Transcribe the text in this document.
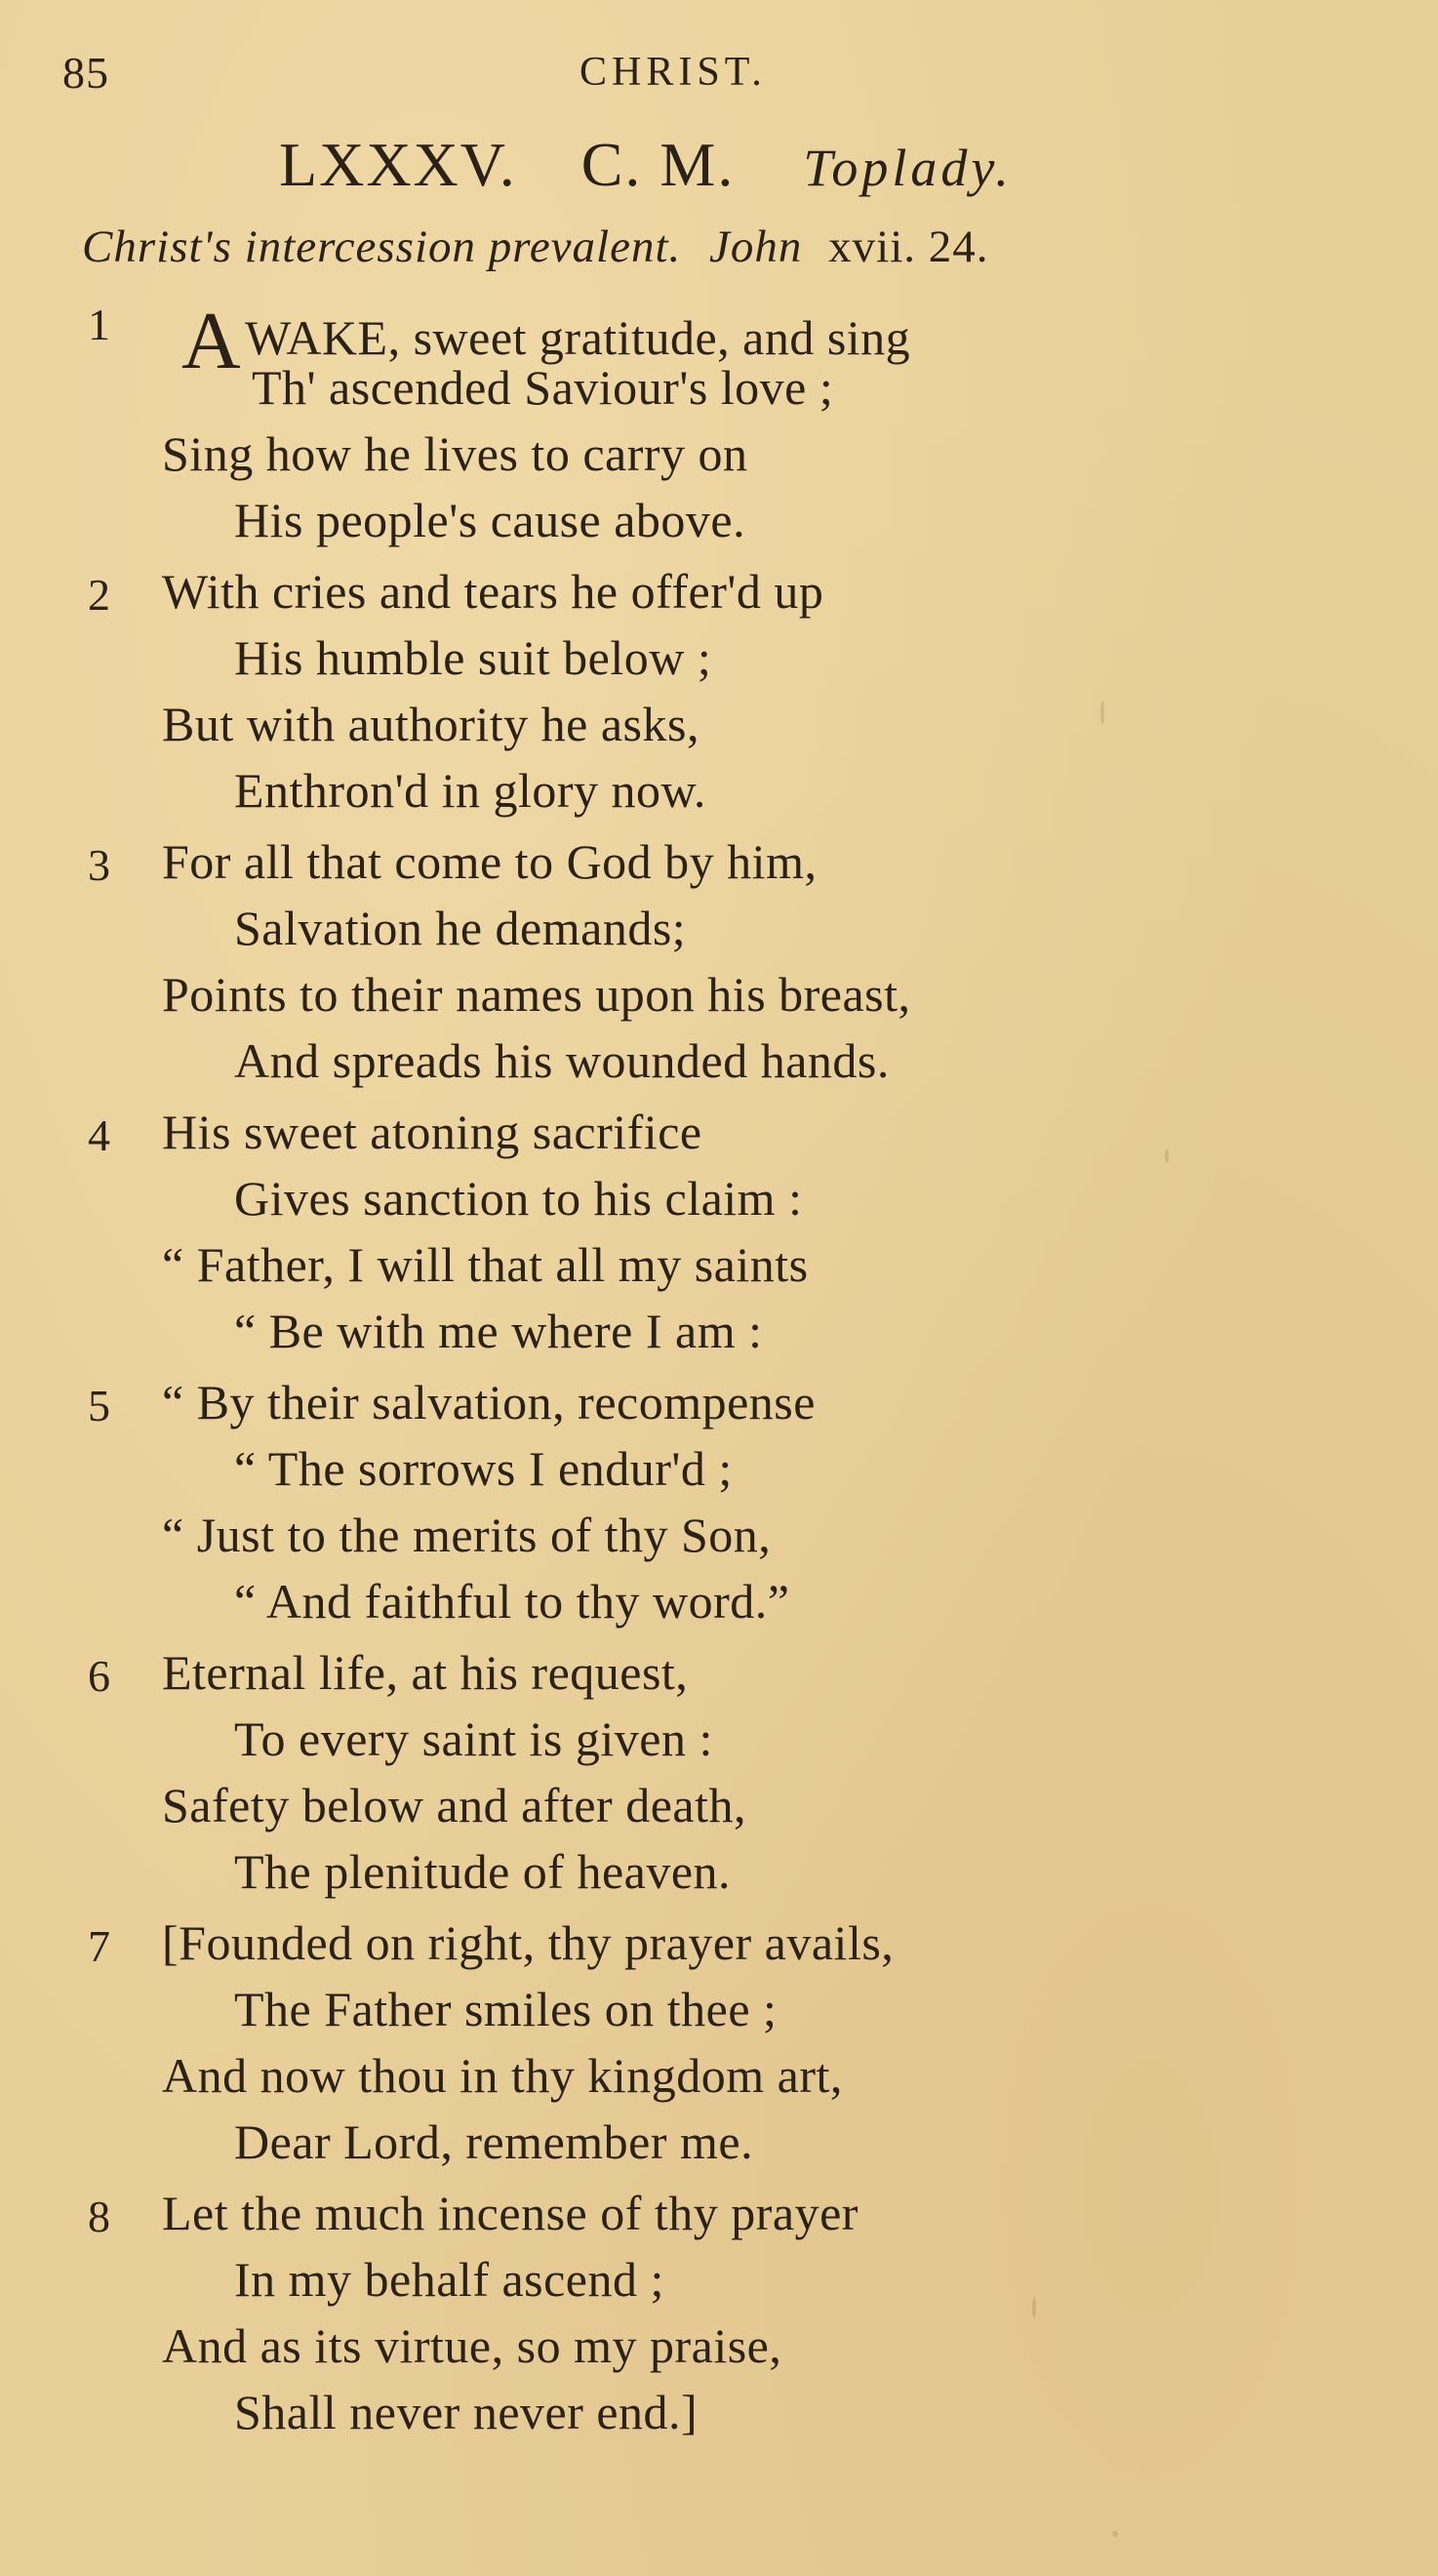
85	CHRIST.
LXXXV. C. M. Toplady.
Christ's intercession prevalent. John xvii. 24.
1 AWAKE, sweet gratitude, and sing
Th' ascended Saviour's love ;
Sing how he lives to carry on
His people's cause above.
2 With cries and tears he offer'd up
His humble suit below ;
But with authority he asks,
Enthron'd in glory now.
3 For all that come to God by him,
Salvation he demands;
Points to their names upon his breast,
And spreads his wounded hands.
4 His sweet atoning sacrifice
Gives sanction to his claim :
“ Father, I will that all my saints
“ Be with me where I am :
5 “ By their salvation, recompense
“ The sorrows I endur'd ;
“ Just to the merits of thy Son,
“ And faithful to thy word.”
6 Eternal life, at his request,
To every saint is given :
Safety below and after death,
The plenitude of heaven.
7 [Founded on right, thy prayer avails,
The Father smiles on thee ;
And now thou in thy kingdom art,
Dear Lord, remember me.
8 Let the much incense of thy prayer
In my behalf ascend ;
And as its virtue, so my praise,
Shall never never end.]
